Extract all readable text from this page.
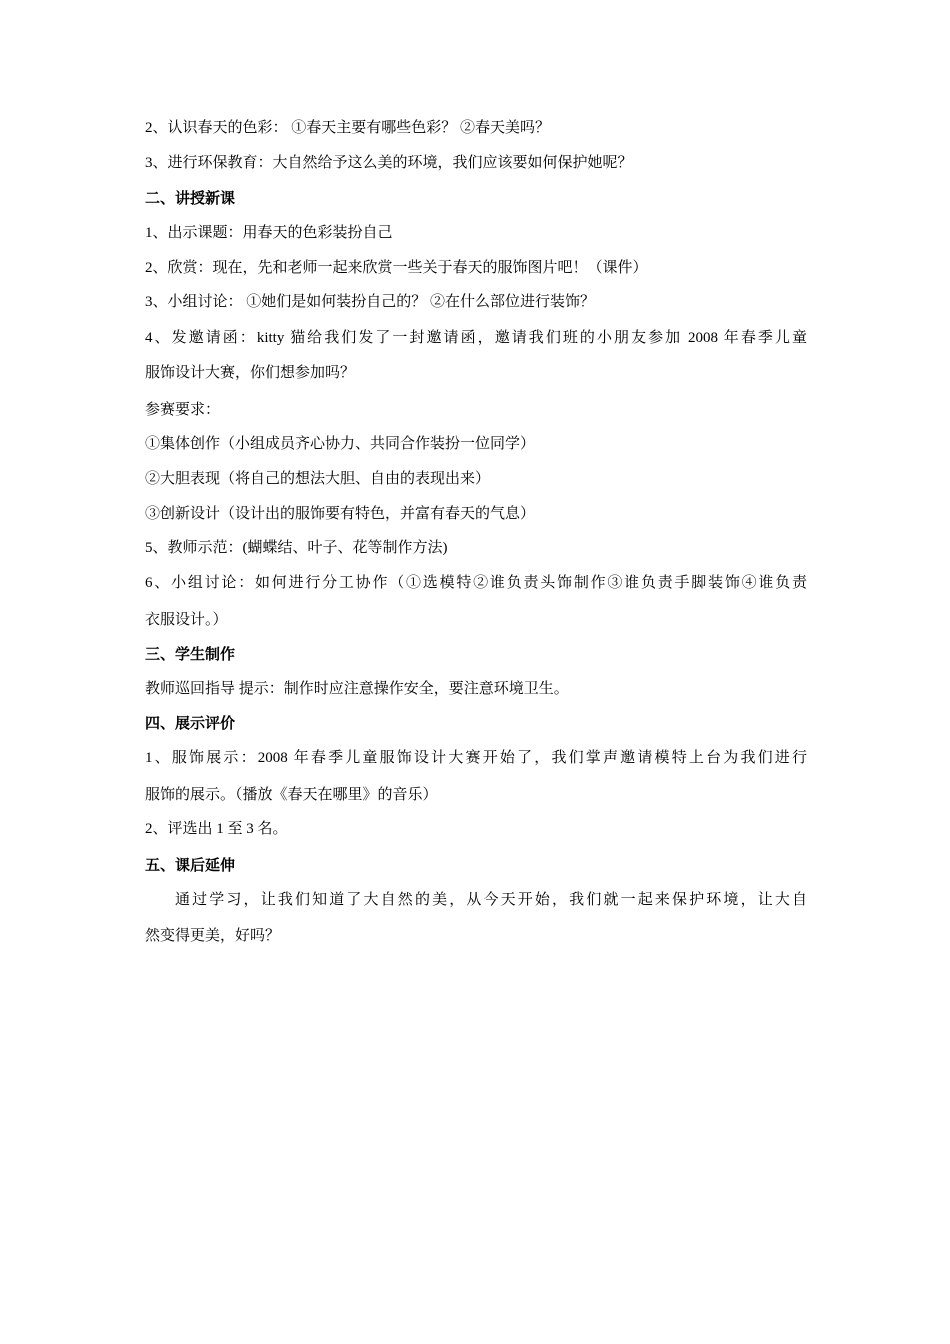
2、认识春天的色彩： ①春天主要有哪些色彩？ ②春天美吗？
3、进行环保教育：大自然给予这么美的环境，我们应该要如何保护她呢？
二、讲授新课
1、出示课题：用春天的色彩装扮自己
2、欣赏：现在，先和老师一起来欣赏一些关于春天的服饰图片吧！（课件）
3、小组讨论： ①她们是如何装扮自己的？ ②在什么部位进行装饰？
4、发邀请函：kitty 猫给我们发了一封邀请函，邀请我们班的小朋友参加 2008 年春季儿童
服饰设计大赛，你们想参加吗？
参赛要求：
①集体创作（小组成员齐心协力、共同合作装扮一位同学）
②大胆表现（将自己的想法大胆、自由的表现出来）
③创新设计（设计出的服饰要有特色，并富有春天的气息）
5、教师示范：(蝴蝶结、叶子、花等制作方法)
6、小组讨论：如何进行分工协作（①选模特②谁负责头饰制作③谁负责手脚装饰④谁负责
衣服设计。）
三、学生制作
教师巡回指导 提示：制作时应注意操作安全，要注意环境卫生。
四、展示评价
1、服饰展示：2008 年春季儿童服饰设计大赛开始了，我们掌声邀请模特上台为我们进行
服饰的展示。（播放《春天在哪里》的音乐）
2、评选出 1 至 3 名。
五、课后延伸
通过学习，让我们知道了大自然的美，从今天开始，我们就一起来保护环境，让大自
然变得更美，好吗？
